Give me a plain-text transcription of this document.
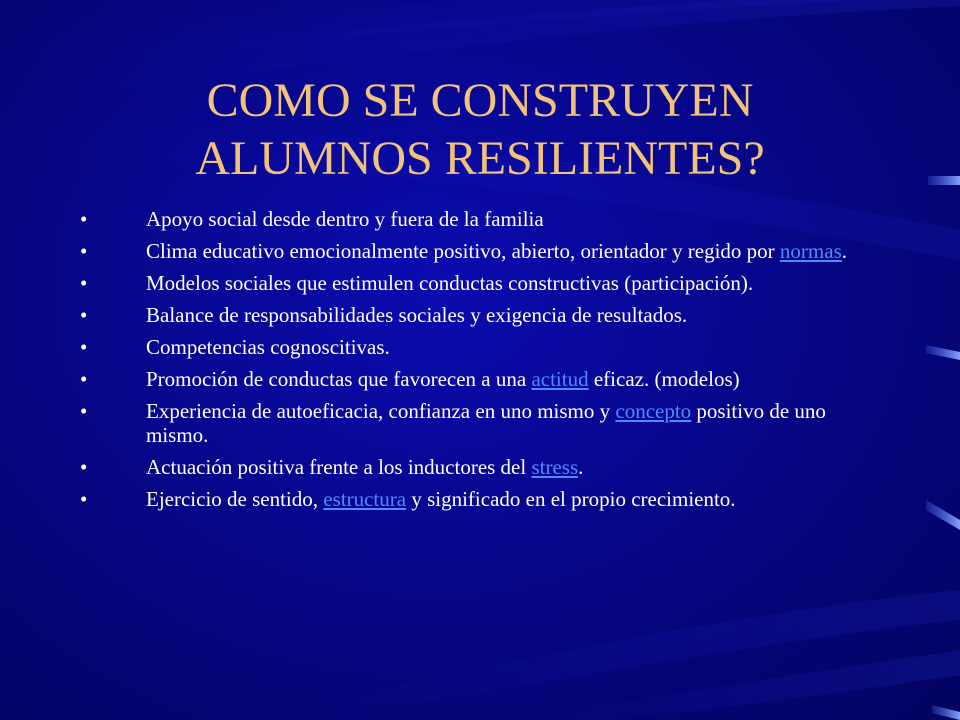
COMO SE CONSTRUYEN
ALUMNOS RESILIENTES?
•	Apoyo social desde dentro y fuera de la familia
•	Clima educativo emocionalmente positivo, abierto, orientador y regido por normas.
•	Modelos sociales que estimulen conductas constructivas (participación).
•	Balance de responsabilidades sociales y exigencia de resultados.
•	Competencias cognoscitivas.
•	Promoción de conductas que favorecen a una actitud eficaz. (modelos)
•	Experiencia de autoeficacia, confianza en uno mismo y concepto positivo de uno mismo.
•	Actuación positiva frente a los inductores del stress.
•	Ejercicio de sentido, estructura y significado en el propio crecimiento.
